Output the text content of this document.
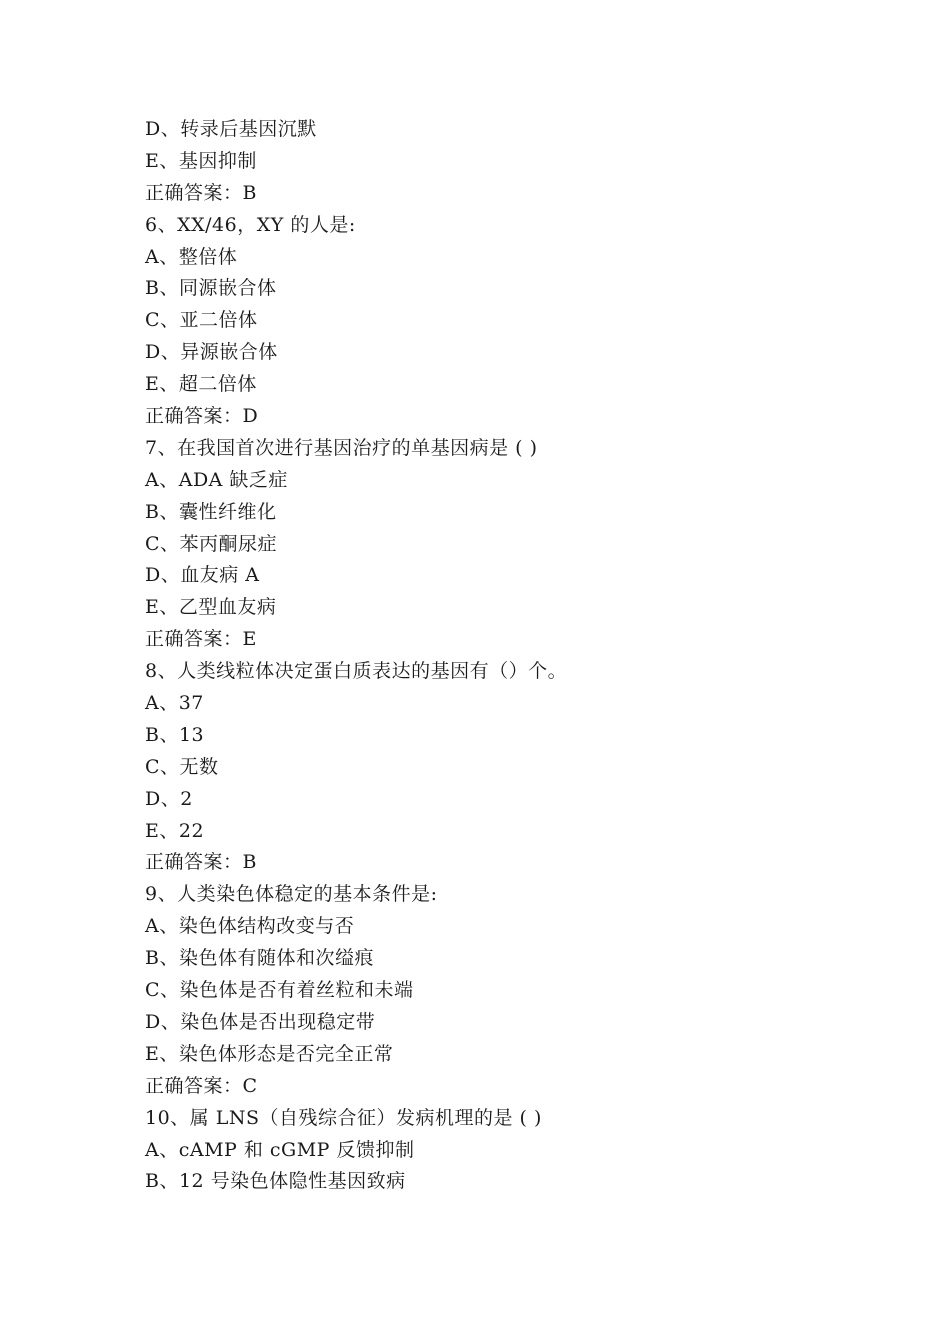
D、转录后基因沉默
E、基因抑制
正确答案：B
6、XX/46，XY 的人是:
A、整倍体
B、同源嵌合体
C、亚二倍体
D、异源嵌合体
E、超二倍体
正确答案：D
7、在我国首次进行基因治疗的单基因病是 ( )
A、ADA 缺乏症
B、囊性纤维化
C、苯丙酮尿症
D、血友病 A
E、乙型血友病
正确答案：E
8、人类线粒体决定蛋白质表达的基因有（）个。
A、37
B、13
C、无数
D、2
E、22
正确答案：B
9、人类染色体稳定的基本条件是:
A、染色体结构改变与否
B、染色体有随体和次缢痕
C、染色体是否有着丝粒和未端
D、染色体是否出现稳定带
E、染色体形态是否完全正常
正确答案：C
10、属 LNS（自残综合征）发病机理的是 ( )
A、cAMP 和 cGMP 反馈抑制
B、12 号染色体隐性基因致病
